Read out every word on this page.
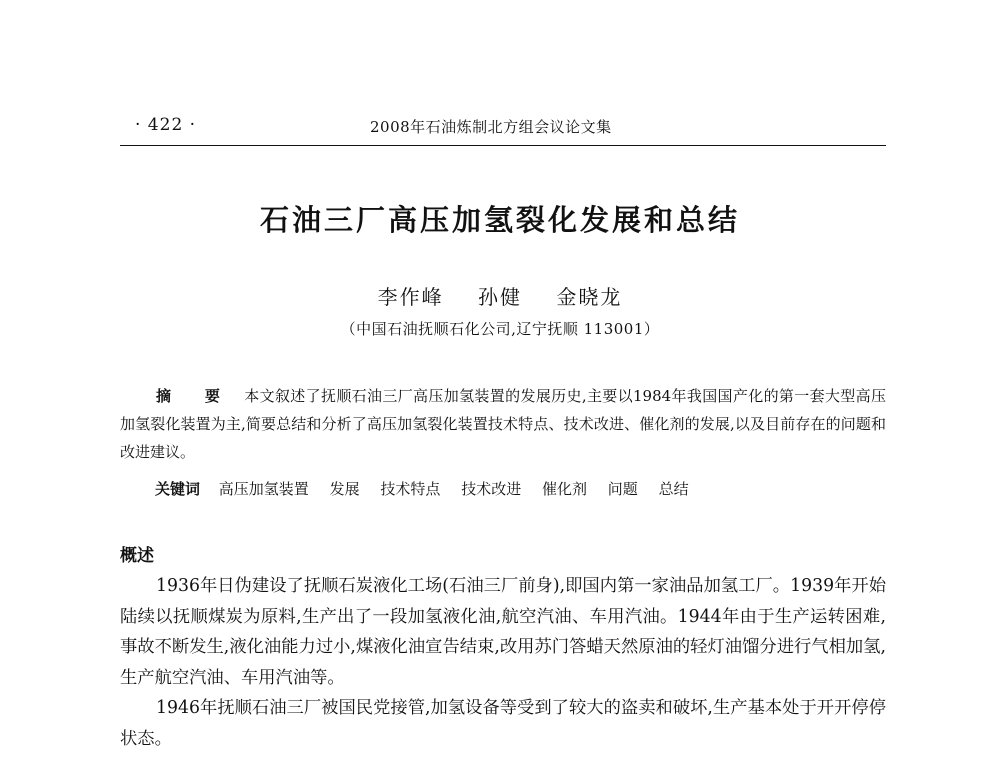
· 422 ·	2008年石油炼制北方组会议论文集
石油三厂高压加氢裂化发展和总结
李作峰 孙健 金晓龙
（中国石油抚顺石化公司,辽宁抚顺 113001）
摘 要 本文叙述了抚顺石油三厂高压加氢装置的发展历史,主要以1984年我国国产化的第一套大型高压加氢裂化装置为主,简要总结和分析了高压加氢裂化装置技术特点、技术改进、催化剂的发展,以及目前存在的问题和改进建议。
关键词 高压加氢装置 发展 技术特点 技术改进 催化剂 问题 总结
概述

1936年日伪建设了抚顺石炭液化工场(石油三厂前身),即国内第一家油品加氢工厂。1939年开始陆续以抚顺煤炭为原料,生产出了一段加氢液化油,航空汽油、车用汽油。1944年由于生产运转困难,事故不断发生,液化油能力过小,煤液化油宣告结束,改用苏门答蜡天然原油的轻灯油馏分进行气相加氢,生产航空汽油、车用汽油等。

1946年抚顺石油三厂被国民党接管,加氢设备等受到了较大的盗卖和破坏,生产基本处于开开停停状态。
